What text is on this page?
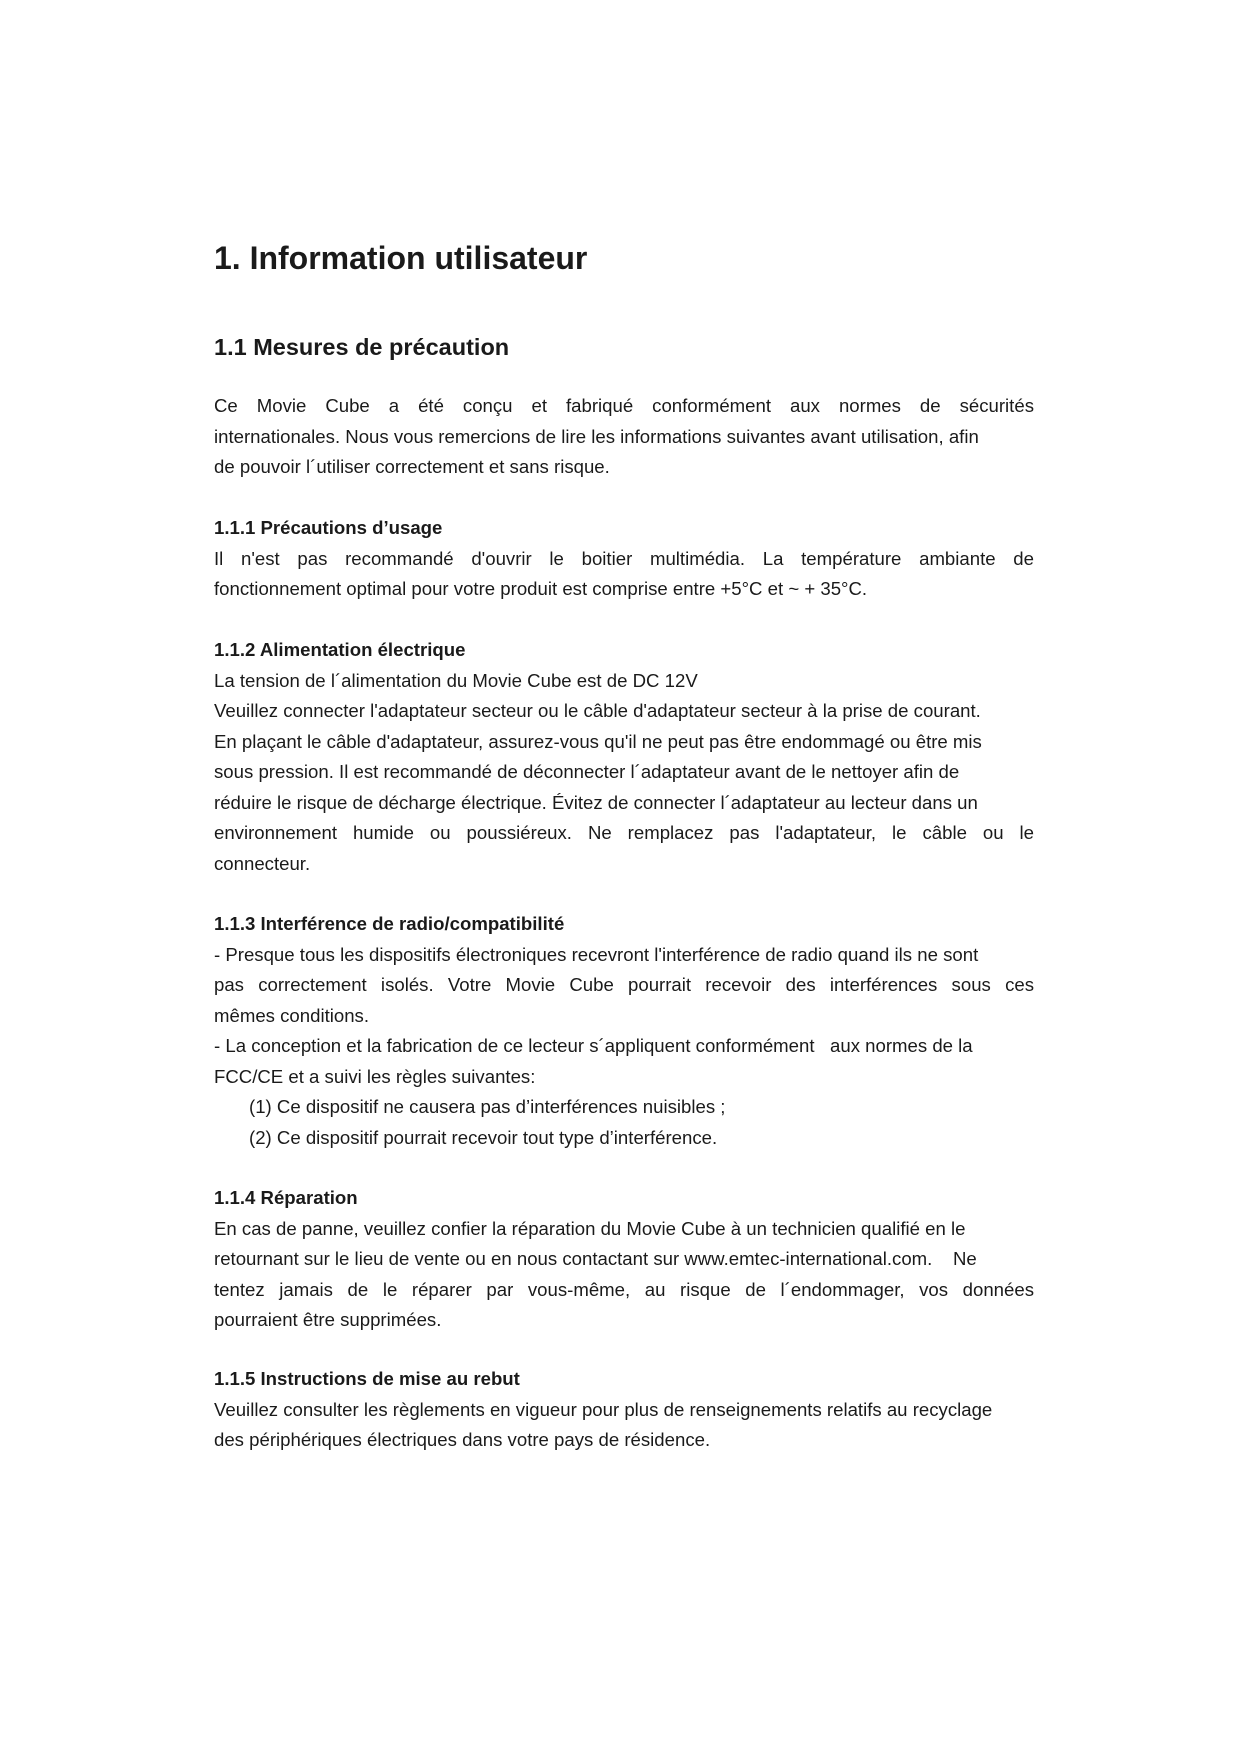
1. Information utilisateur
1.1 Mesures de précaution
Ce Movie Cube a été conçu et fabriqué conformément aux normes de sécurités
internationales. Nous vous remercions de lire les informations suivantes avant utilisation, afin
de pouvoir l´utiliser correctement et sans risque.
1.1.1 Précautions d’usage
Il n'est pas recommandé d'ouvrir le boitier multimédia. La température ambiante de
fonctionnement optimal pour votre produit est comprise entre +5°C et ~ + 35°C.
1.1.2 Alimentation électrique
La tension de l´alimentation du Movie Cube est de DC 12V
Veuillez connecter l'adaptateur secteur ou le câble d'adaptateur secteur à la prise de courant.
En plaçant le câble d'adaptateur, assurez-vous qu'il ne peut pas être endommagé ou être mis
sous pression. Il est recommandé de déconnecter l´adaptateur avant de le nettoyer afin de
réduire le risque de décharge électrique. Évitez de connecter l´adaptateur au lecteur dans un
environnement humide ou poussiéreux. Ne remplacez pas l'adaptateur, le câble ou le
connecteur.
1.1.3 Interférence de radio/compatibilité
- Presque tous les dispositifs électroniques recevront l'interférence de radio quand ils ne sont
pas correctement isolés. Votre Movie Cube pourrait recevoir des interférences sous ces
mêmes conditions.
- La conception et la fabrication de ce lecteur s´appliquent conformément   aux normes de la
FCC/CE et a suivi les règles suivantes:
(1) Ce dispositif ne causera pas d’interférences nuisibles ;
(2) Ce dispositif pourrait recevoir tout type d’interférence.
1.1.4 Réparation
En cas de panne, veuillez confier la réparation du Movie Cube à un technicien qualifié en le
retournant sur le lieu de vente ou en nous contactant sur www.emtec-international.com.    Ne
tentez jamais de le réparer par vous-même, au risque de l´endommager, vos données
pourraient être supprimées.
1.1.5 Instructions de mise au rebut
Veuillez consulter les règlements en vigueur pour plus de renseignements relatifs au recyclage
des périphériques électriques dans votre pays de résidence.
